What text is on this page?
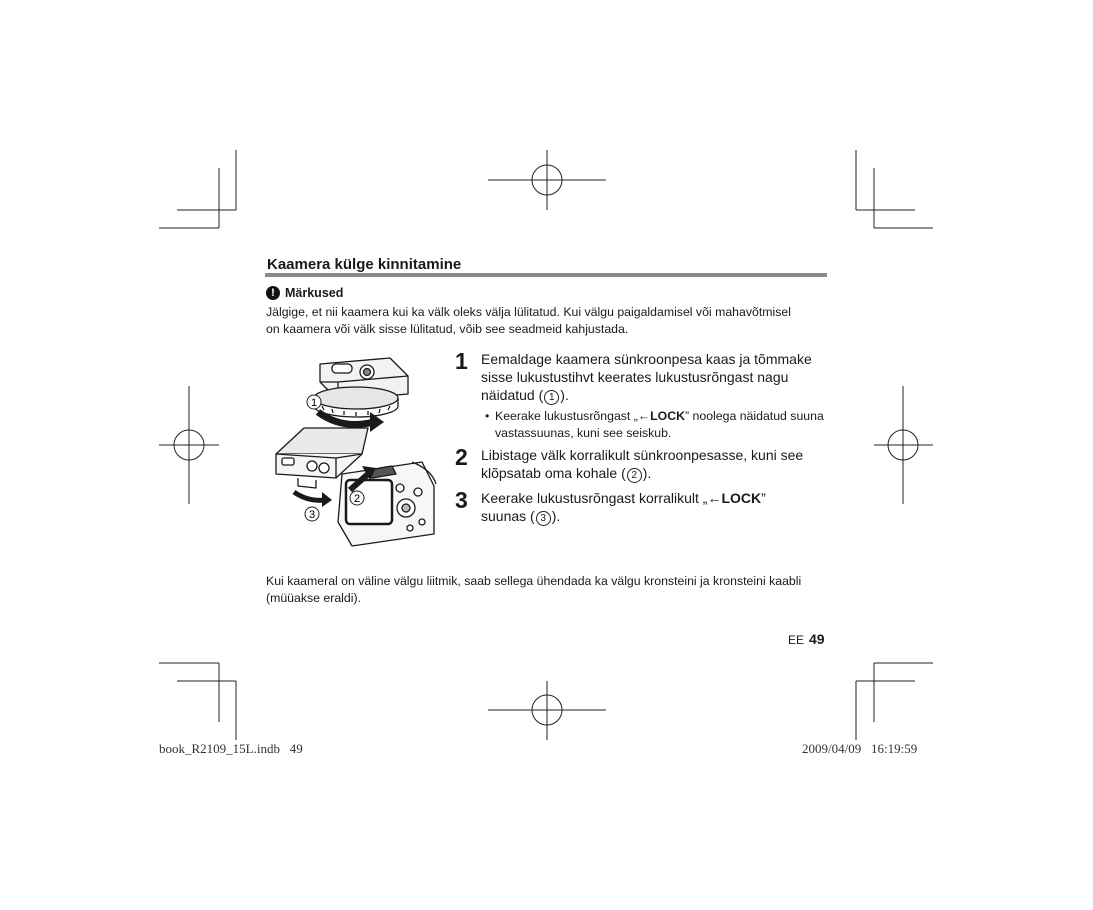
Kaamera külge kinnitamine
! Märkused
Jälgige, et nii kaamera kui ka välk oleks välja lülitatud. Kui välgu paigaldamisel või mahavõtmisel on kaamera või välk sisse lülitatud, võib see seadmeid kahjustada.
1
2
3
1 Eemaldage kaamera sünkroonpesa kaas ja tõmmake sisse lukustustihvt keerates lukustusrõngast nagu näidatud ( 1 ).
• Keerake lukustusrõngast „←LOCK” noolega näidatud suuna vastassuunas, kuni see seiskub.
2 Libistage välk korralikult sünkroonpesasse, kuni see klõpsatab oma kohale ( 2 ).
3 Keerake lukustusrõngast korralikult „←LOCK” suunas ( 3 ).
Kui kaameral on väline välgu liitmik, saab sellega ühendada ka välgu kronsteini ja kronsteini kaabli (müüakse eraldi).
EE 49
book_R2109_15L.indb   49	2009/04/09   16:19:59
